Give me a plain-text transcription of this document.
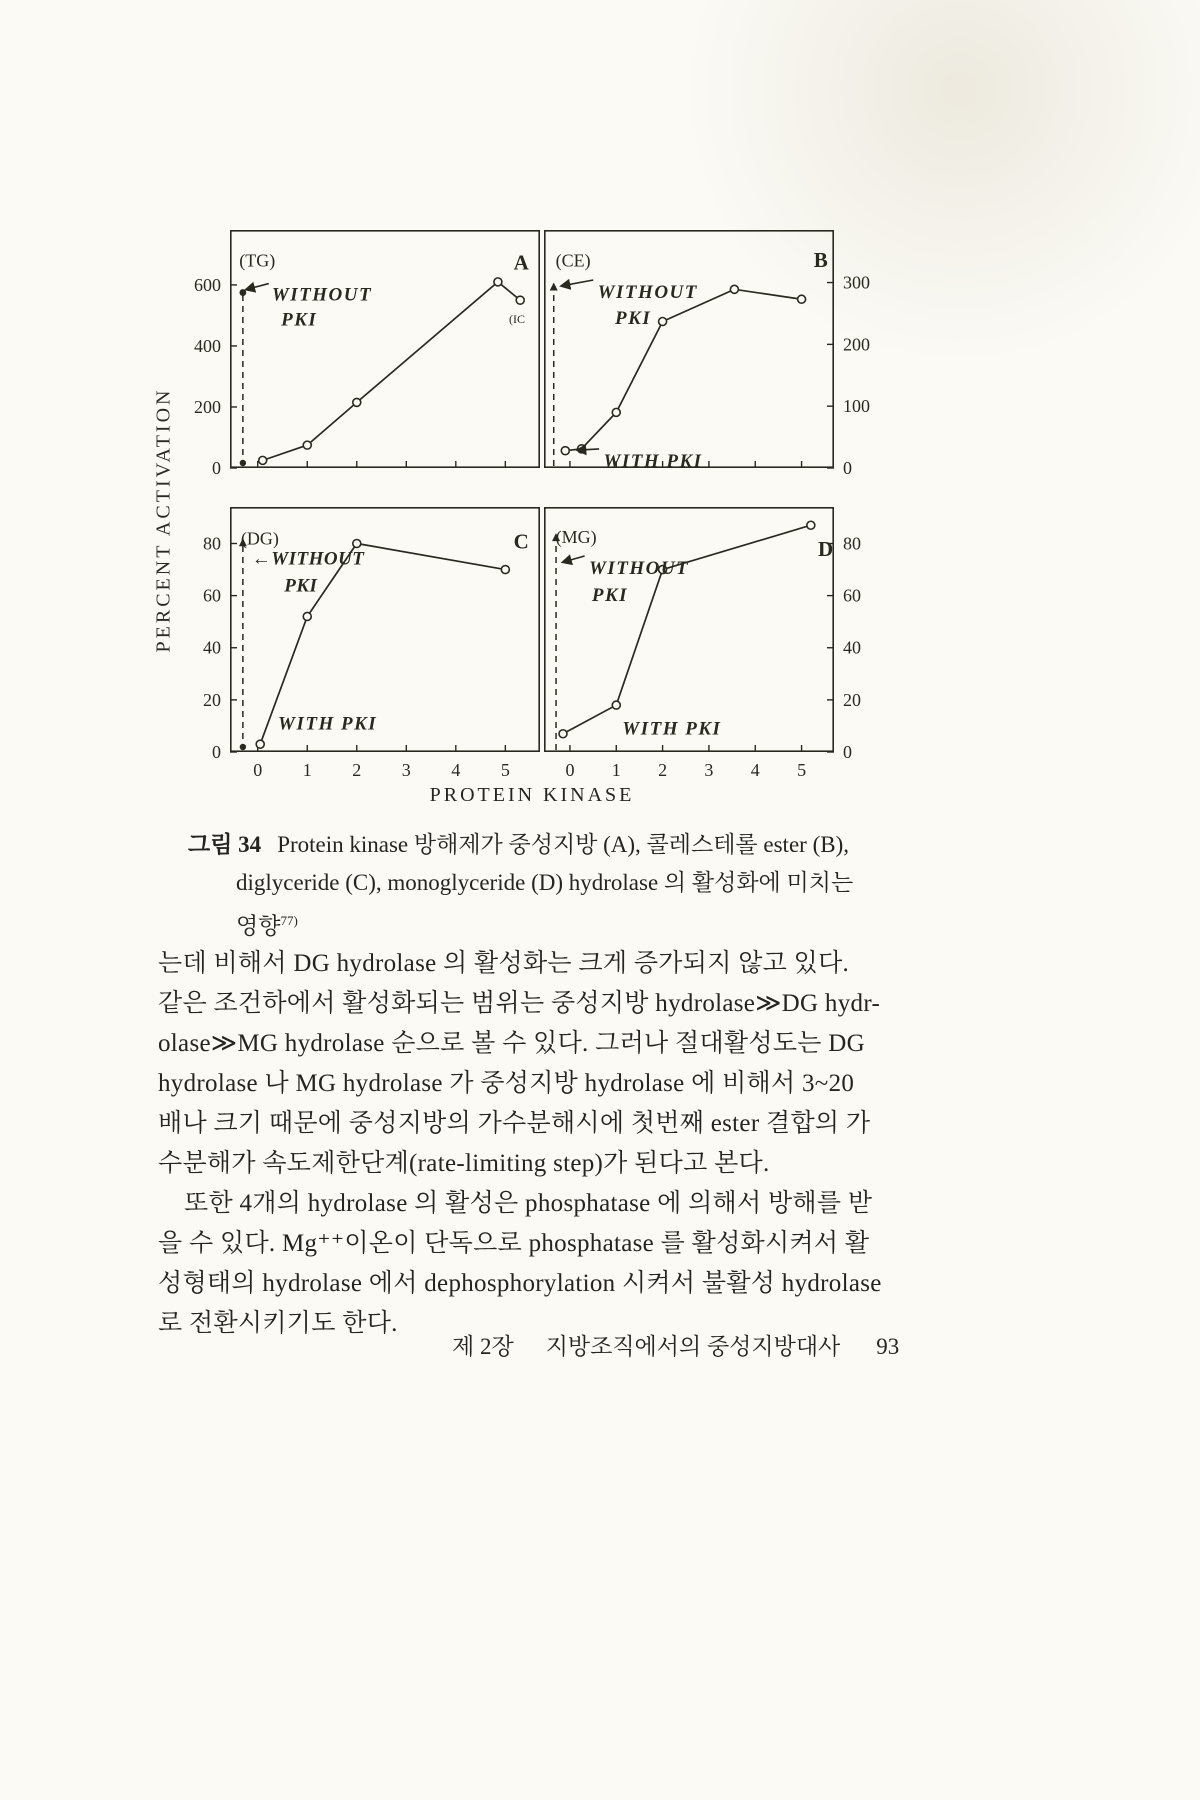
PERCENT ACTIVATION
600
400
200
0
(TG)	A
WITHOUT
PKI	(IC
300
200
100
0
(CE)	B
WITHOUT
PKI
WITH PKI
80
60
40
20
0
0 1 2 3 4 5
(DG)	C
←WITHOUT
PKI
WITH PKI
80
60
40
20
0
0 1 2 3 4 5
(MG)	D
WITHOUT
PKI
WITH PKI
PROTEIN KINASE
그림 34 Protein kinase 방해제가 중성지방 (A), 콜레스테롤 ester (B),
diglyceride (C), monoglyceride (D) hydrolase 의 활성화에 미치는
영향$^{77)}$
는데 비해서 DG hydrolase 의 활성화는 크게 증가되지 않고 있다.
같은 조건하에서 활성화되는 범위는 중성지방 hydrolase≫DG hydr-
olase≫MG hydrolase 순으로 볼 수 있다. 그러나 절대활성도는 DG
hydrolase 나 MG hydrolase 가 중성지방 hydrolase 에 비해서 3~20
배나 크기 때문에 중성지방의 가수분해시에 첫번째 ester 결합의 가
수분해가 속도제한단계(rate-limiting step)가 된다고 본다.
또한 4개의 hydrolase 의 활성은 phosphatase 에 의해서 방해를 받
을 수 있다. Mg⁺⁺이온이 단독으로 phosphatase 를 활성화시켜서 활
성형태의 hydrolase 에서 dephosphorylation 시켜서 불활성 hydrolase
로 전환시키기도 한다.
제 2장 지방조직에서의 중성지방대사 93
